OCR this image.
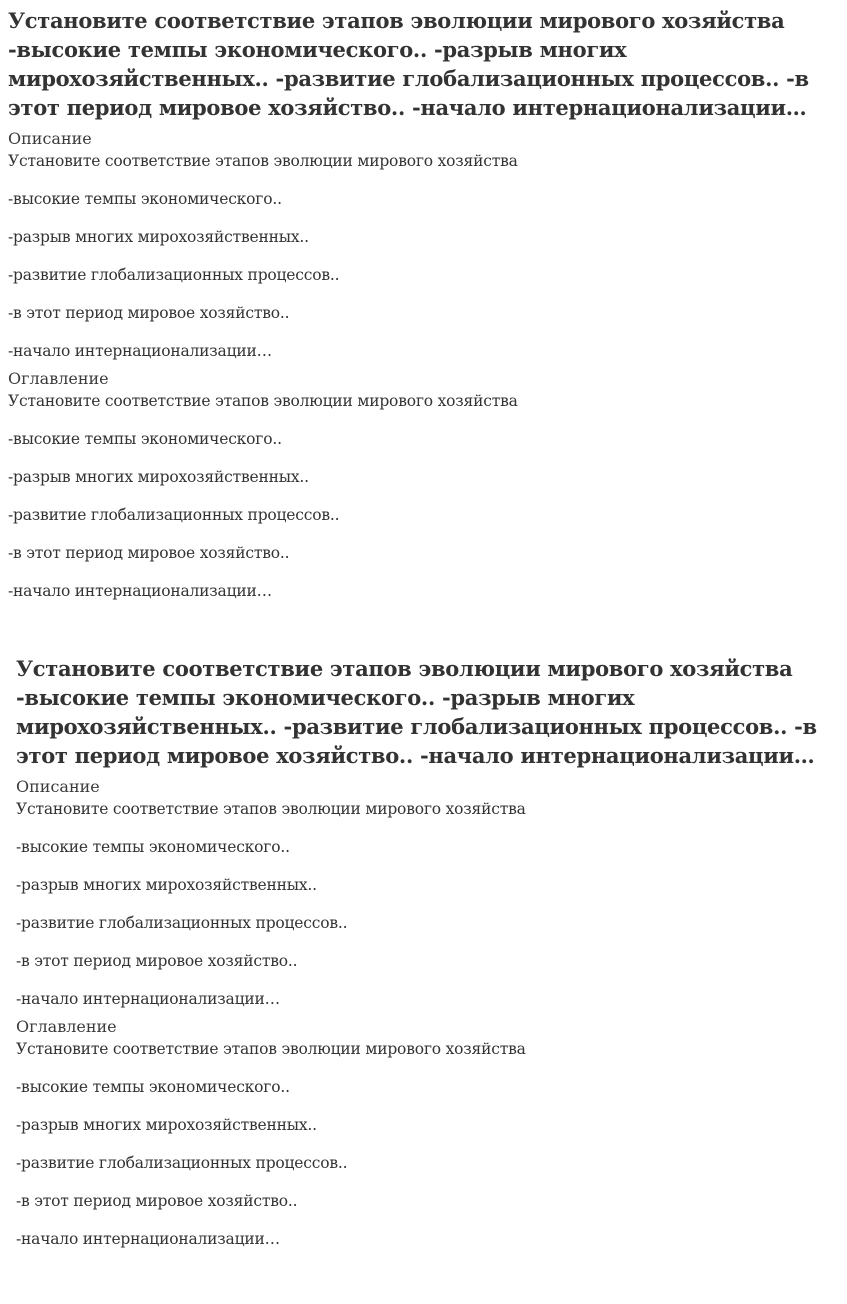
Установите соответствие этапов эволюции мирового хозяйства -высокие темпы экономического.. -разрыв многих мирохозяйственных.. -развитие глобализационных процессов.. -в этот период мировое хозяйство.. -начало интернационализации…
Описание

Установите соответствие этапов эволюции мирового хозяйства

-высокие темпы экономического..

-разрыв многих мирохозяйственных..

-развитие глобализационных процессов..

-в этот период мировое хозяйство..

-начало интернационализации…

Оглавление

Установите соответствие этапов эволюции мирового хозяйства

-высокие темпы экономического..

-разрыв многих мирохозяйственных..

-развитие глобализационных процессов..

-в этот период мировое хозяйство..

-начало интернационализации…

Установите соответствие этапов эволюции мирового хозяйства -высокие темпы экономического.. -разрыв многих мирохозяйственных.. -развитие глобализационных процессов.. -в этот период мировое хозяйство.. -начало интернационализации…
Описание

Установите соответствие этапов эволюции мирового хозяйства

-высокие темпы экономического..

-разрыв многих мирохозяйственных..

-развитие глобализационных процессов..

-в этот период мировое хозяйство..

-начало интернационализации…

Оглавление

Установите соответствие этапов эволюции мирового хозяйства

-высокие темпы экономического..

-разрыв многих мирохозяйственных..

-развитие глобализационных процессов..

-в этот период мировое хозяйство..

-начало интернационализации…
